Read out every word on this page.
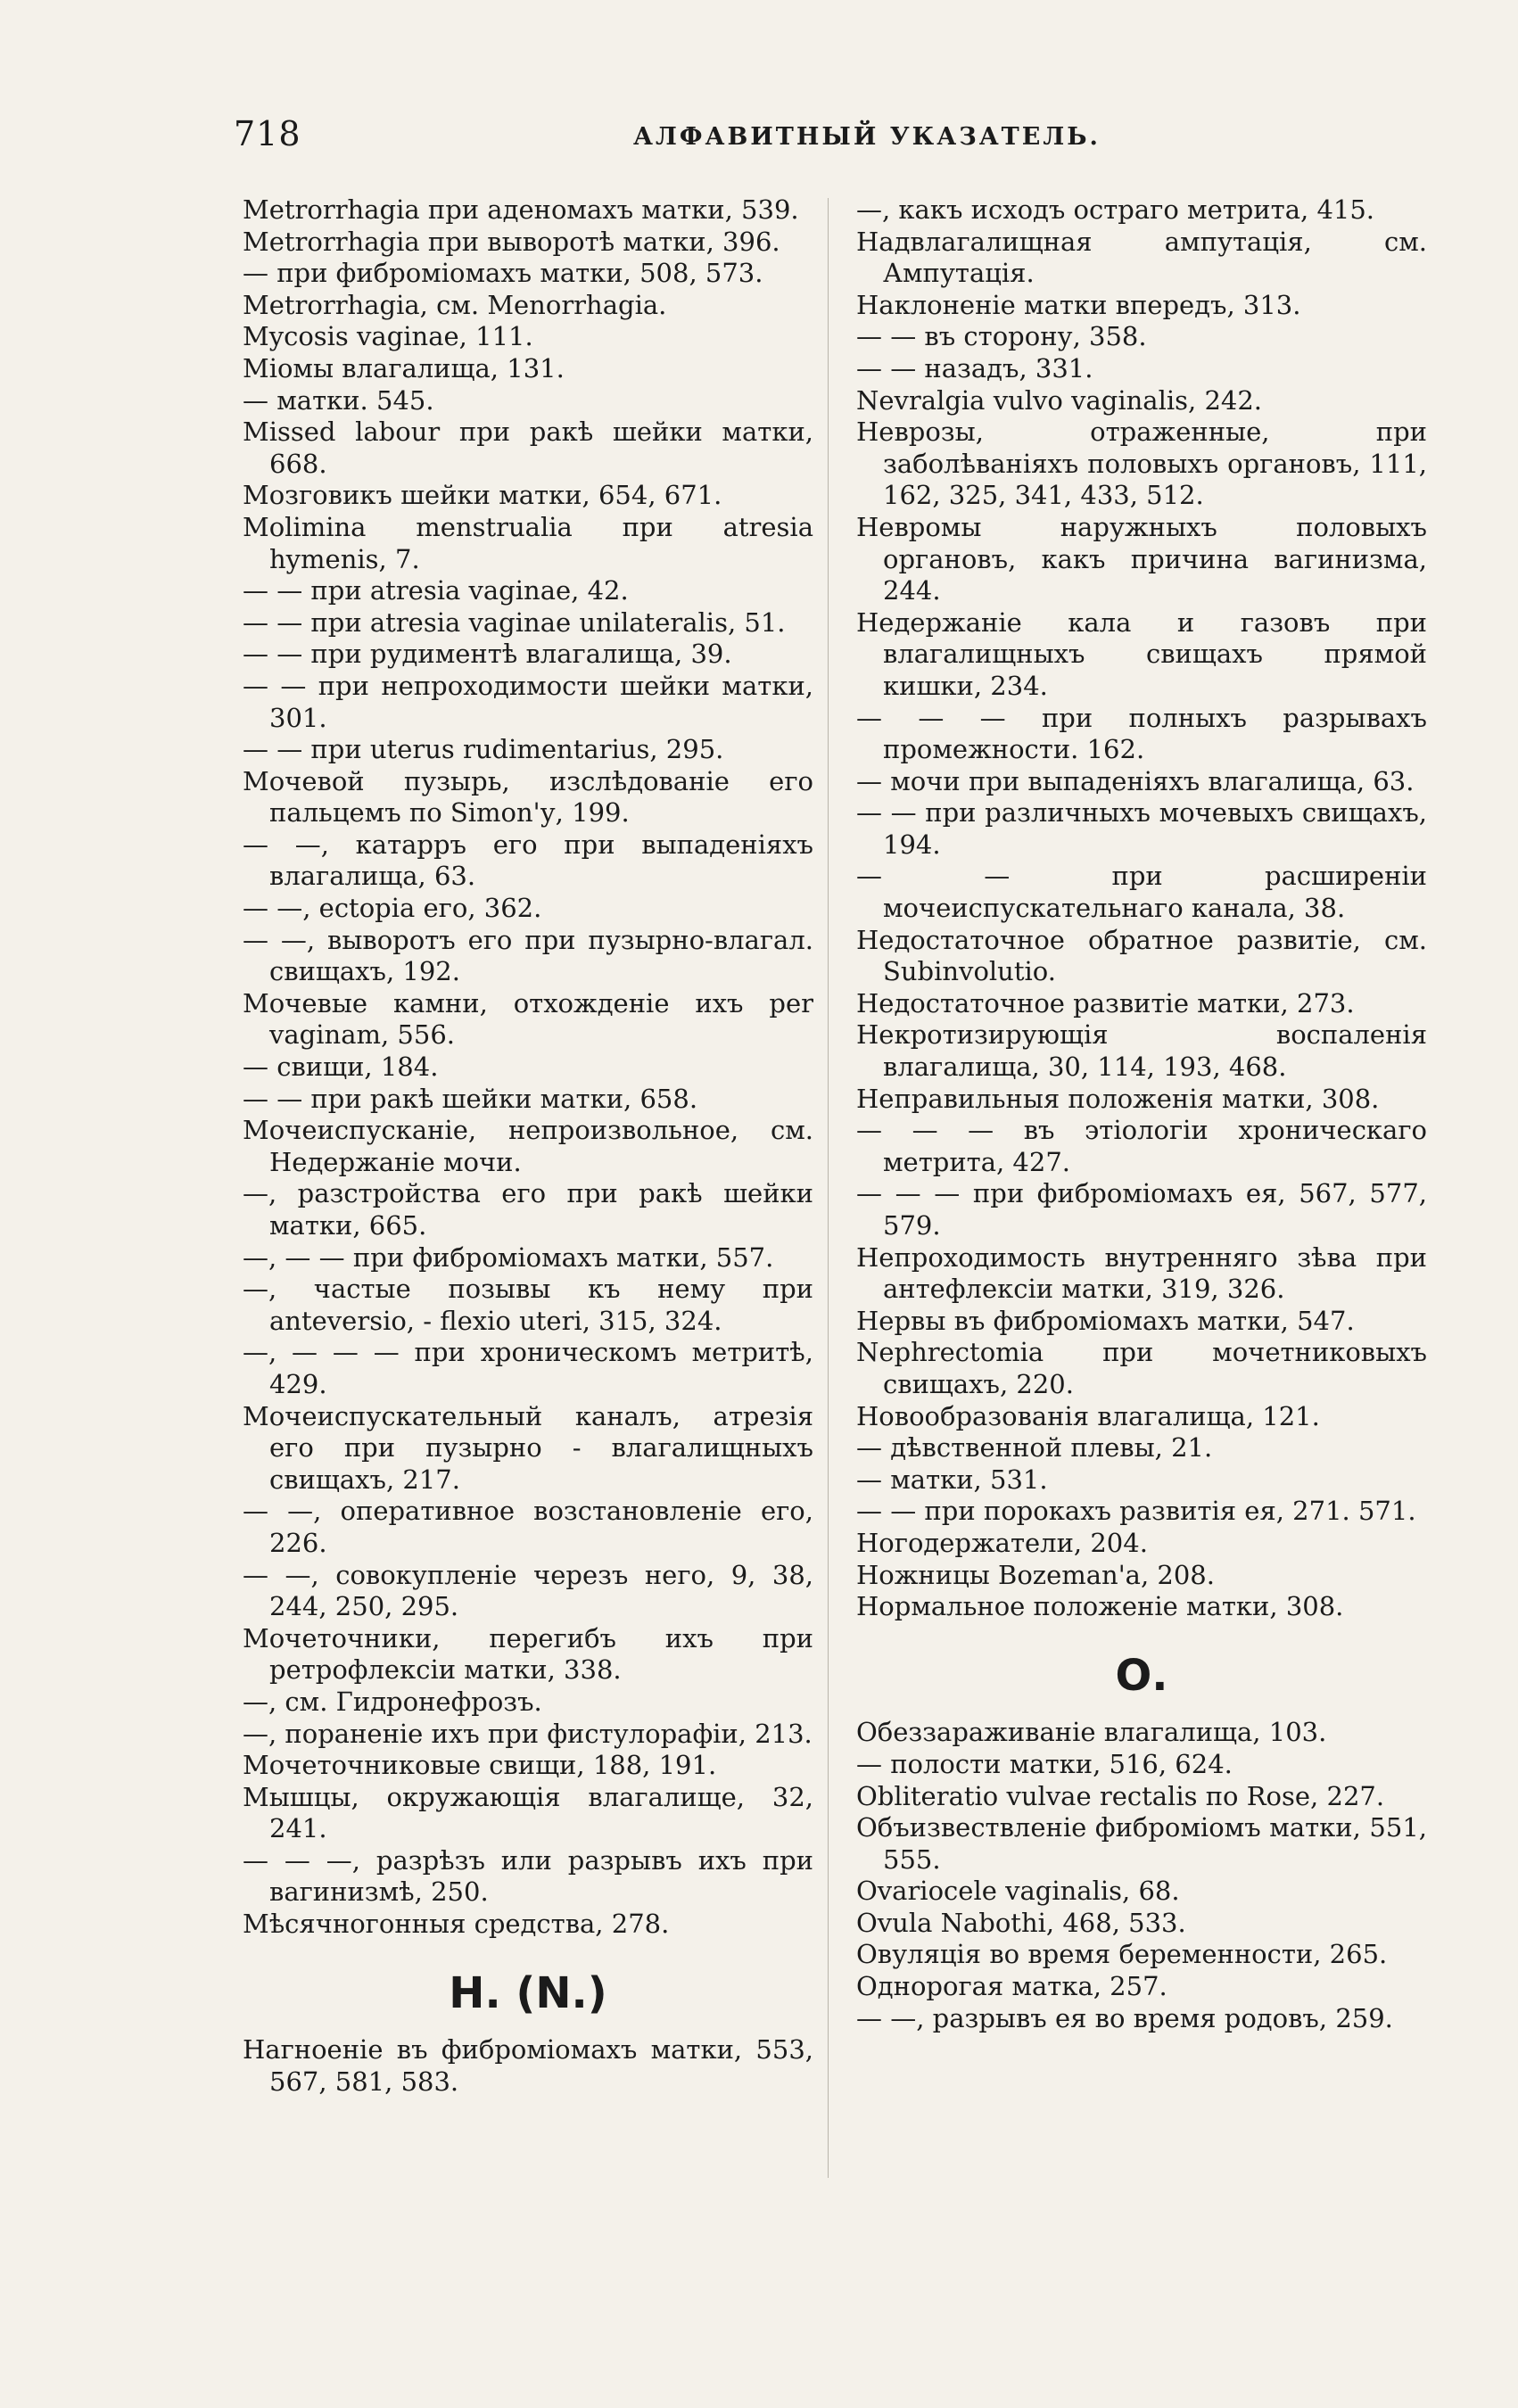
718	АЛФАВИТНЫЙ УКАЗАТЕЛЬ.

Metrorrhagia при аденомахъ матки, 539.

Metrorrhagia при выворотѣ матки, 396.

— при фиброміомахъ матки, 508, 573.

Metrorrhagia, см. Menorrhagia.

Mycosis vaginae, 111.

Міомы влагалища, 131.

— матки. 545.

Missed labour при ракѣ шейки матки, 668.

Мозговикъ шейки матки, 654, 671.

Molimina menstrualia при atresia hymenis, 7.

— — при atresia vaginae, 42.

— — при atresia vaginae unilateralis, 51.

— — при рудиментѣ влагалища, 39.

— — при непроходимости шейки матки, 301.

— — при uterus rudimentarius, 295.

Мочевой пузырь, изслѣдованіе его пальцемъ по Simon'у, 199.

— —, катарръ его при выпаденіяхъ влагалища, 63.

— —, ectopia его, 362.

— —, выворотъ его при пузырно-влагал. свищахъ, 192.

Мочевые камни, отхожденіе ихъ per vaginam, 556.

— свищи, 184.

— — при ракѣ шейки матки, 658.

Мочеиспусканіе, непроизвольное, см. Недержаніе мочи.

—, разстройства его при ракѣ шейки матки, 665.

—, — — при фиброміомахъ матки, 557.

—, частые позывы къ нему при anteversio, - flexio uteri, 315, 324.

—, — — — при хроническомъ метритѣ, 429.

Мочеиспускательный каналъ, атрезія его при пузырно - влагалищныхъ свищахъ, 217.

— —, оперативное возстановленіе его, 226.

— —, совокупленіе черезъ него, 9, 38, 244, 250, 295.

Мочеточники, перегибъ ихъ при ретрофлексіи матки, 338.

—, см. Гидронефрозъ.

—, пораненіе ихъ при фистулорафіи, 213.

Мочеточниковые свищи, 188, 191.

Мышцы, окружающія влагалище, 32, 241.

— — —, разрѣзъ или разрывъ ихъ при вагинизмѣ, 250.

Мѣсячногонныя средства, 278.

Н. (N.)

Нагноеніе въ фиброміомахъ матки, 553, 567, 581, 583.

—, какъ исходъ остраго метрита, 415.

Надвлагалищная ампутація, см. Ампутація.

Наклоненіе матки впередъ, 313.

— — въ сторону, 358.

— — назадъ, 331.

Nevralgia vulvo vaginalis, 242.

Неврозы, отраженные, при заболѣваніяхъ половыхъ органовъ, 111, 162, 325, 341, 433, 512.

Невромы наружныхъ половыхъ органовъ, какъ причина вагинизма, 244.

Недержаніе кала и газовъ при влагалищныхъ свищахъ прямой кишки, 234.

— — — при полныхъ разрывахъ промежности. 162.

— мочи при выпаденіяхъ влагалища, 63.

— — при различныхъ мочевыхъ свищахъ, 194.

— — при расширеніи мочеиспускательнаго канала, 38.

Недостаточное обратное развитіе, см. Subinvolutio.

Недостаточное развитіе матки, 273.

Некротизирующія воспаленія влагалища, 30, 114, 193, 468.

Неправильныя положенія матки, 308.

— — — въ этіологіи хроническаго метрита, 427.

— — — при фиброміомахъ ея, 567, 577, 579.

Непроходимость внутренняго зѣва при антефлексіи матки, 319, 326.

Нервы въ фиброміомахъ матки, 547.

Nephrectomia при мочетниковыхъ свищахъ, 220.

Новообразованія влагалища, 121.

— дѣвственной плевы, 21.

— матки, 531.

— — при порокахъ развитія ея, 271. 571.

Ногодержатели, 204.

Ножницы Bozeman'а, 208.

Нормальное положеніе матки, 308.

О.

Обеззараживаніе влагалища, 103.

— полости матки, 516, 624.

Obliteratio vulvae rectalis по Rose, 227.

Объизвествленіе фиброміомъ матки, 551, 555.

Ovariocele vaginalis, 68.

Ovula Nabothi, 468, 533.

Овуляція во время беременности, 265.

Однорогая матка, 257.

— —, разрывъ ея во время родовъ, 259.
